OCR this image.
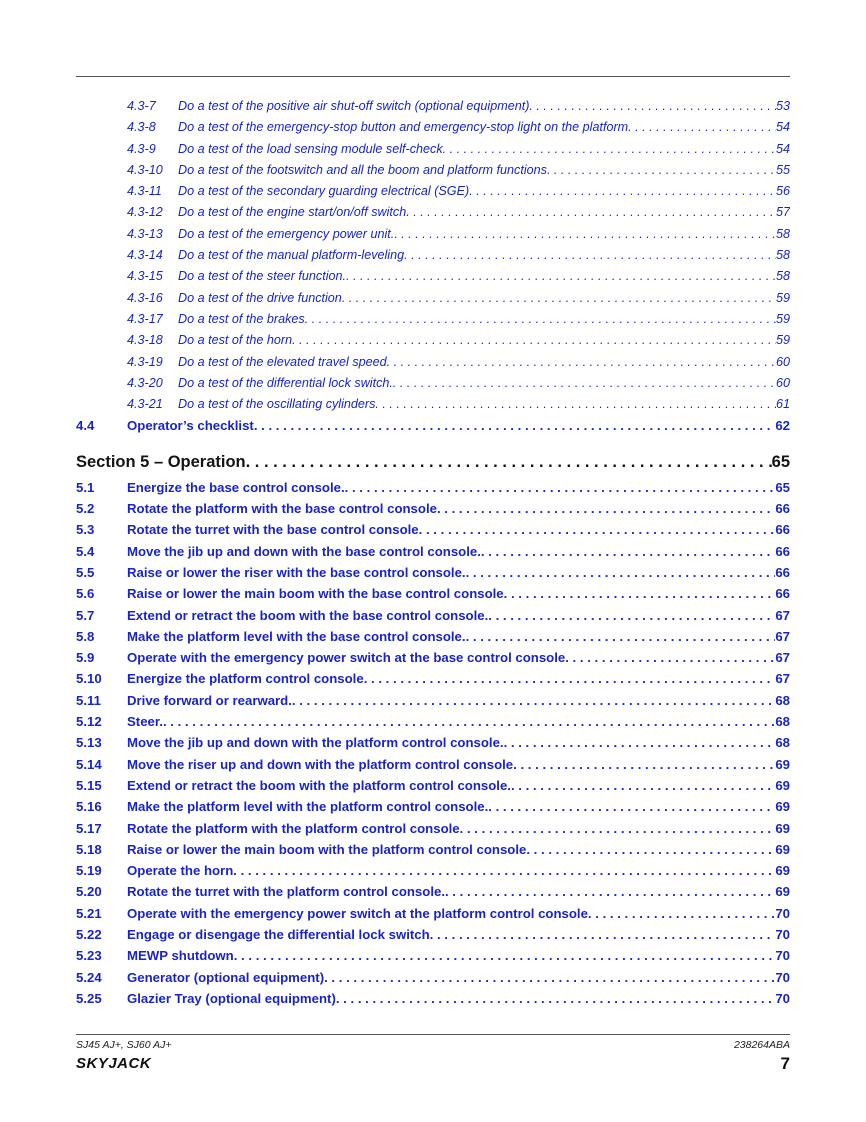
4.3-7	Do a test of the positive air shut-off switch (optional equipment) . . .	53
4.3-8	Do a test of the emergency-stop button and emergency-stop light on the platform . . .	54
4.3-9	Do a test of the load sensing module self-check . . .	54
4.3-10	Do a test of the footswitch and all the boom and platform functions . . .	55
4.3-11	Do a test of the secondary guarding electrical (SGE) . . .	56
4.3-12	Do a test of the engine start/on/off switch . . .	57
4.3-13	Do a test of the emergency power unit. . . .	58
4.3-14	Do a test of the manual platform-leveling . . .	58
4.3-15	Do a test of the steer function. . . .	58
4.3-16	Do a test of the drive function . . .	59
4.3-17	Do a test of the brakes . . .	59
4.3-18	Do a test of the horn . . .	59
4.3-19	Do a test of the elevated travel speed . . .	60
4.3-20	Do a test of the differential lock switch. . . .	60
4.3-21	Do a test of the oscillating cylinders . . .	61
4.4	Operator’s checklist . . .	62
Section 5 – Operation . . .	65
5.1	Energize the base control console. . . .	65
5.2	Rotate the platform with the base control console . . .	66
5.3	Rotate the turret with the base control console . . .	66
5.4	Move the jib up and down with the base control console. . . .	66
5.5	Raise or lower the riser with the base control console. . . .	66
5.6	Raise or lower the main boom with the base control console . . .	66
5.7	Extend or retract the boom with the base control console. . . .	67
5.8	Make the platform level with the base control console. . . .	67
5.9	Operate with the emergency power switch at the base control console . . .	67
5.10	Energize the platform control console . . .	67
5.11	Drive forward or rearward. . . .	68
5.12	Steer. . . .	68
5.13	Move the jib up and down with the platform control console. . . .	68
5.14	Move the riser up and down with the platform control console . . .	69
5.15	Extend or retract the boom with the platform control console. . . .	69
5.16	Make the platform level with the platform control console. . . .	69
5.17	Rotate the platform with the platform control console . . .	69
5.18	Raise or lower the main boom with the platform control console . . .	69
5.19	Operate the horn . . .	69
5.20	Rotate the turret with the platform control console. . . .	69
5.21	Operate with the emergency power switch at the platform control console . . .	70
5.22	Engage or disengage the differential lock switch . . .	70
5.23	MEWP shutdown . . .	70
5.24	Generator (optional equipment) . . .	70
5.25	Glazier Tray (optional equipment) . . .	70
SJ45 AJ+, SJ60 AJ+	238264ABA
SKYJACK	7
